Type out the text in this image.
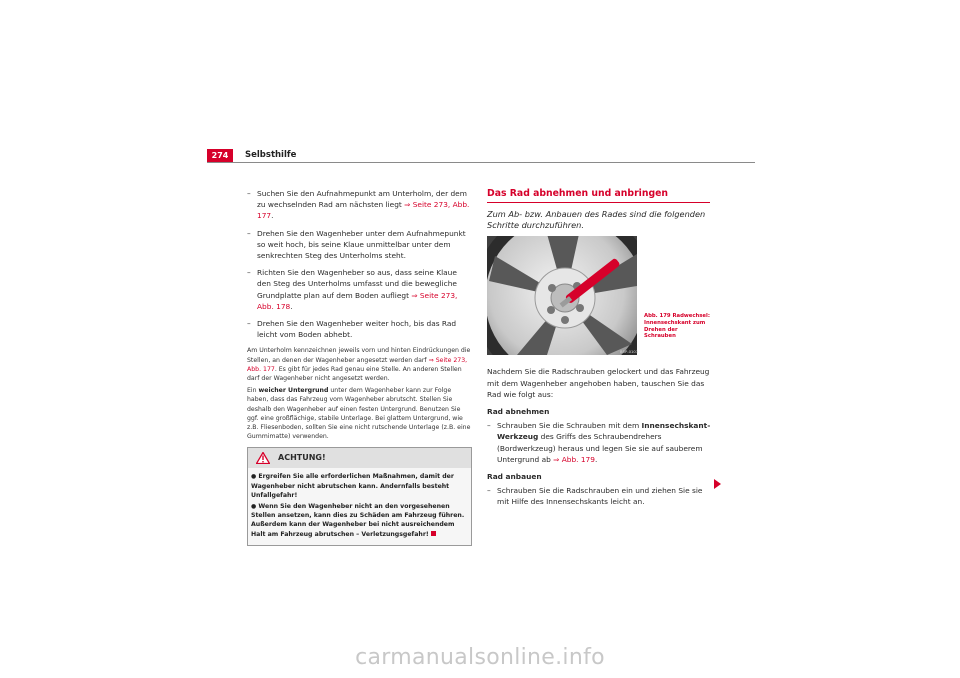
274	Selbsthilfe
– Suchen Sie den Aufnahmepunkt am Unterholm, der dem zu wechselnden Rad am nächsten liegt ⇒ Seite 273, Abb. 177.
– Drehen Sie den Wagenheber unter dem Aufnahmepunkt so weit hoch, bis seine Klaue unmittelbar unter dem senkrechten Steg des Unterholms steht.
– Richten Sie den Wagenheber so aus, dass seine Klaue den Steg des Unterholms umfasst und die bewegliche Grundplatte plan auf dem Boden aufliegt ⇒ Seite 273, Abb. 178.
– Drehen Sie den Wagenheber weiter hoch, bis das Rad leicht vom Boden abhebt.

Am Unterholm kennzeichnen jeweils vorn und hinten Eindrückungen die Stellen, an denen der Wagenheber angesetzt werden darf ⇒ Seite 273, Abb. 177. Es gibt für jedes Rad genau eine Stelle. An anderen Stellen darf der Wagenheber nicht angesetzt werden.

Ein weicher Untergrund unter dem Wagenheber kann zur Folge haben, dass das Fahrzeug vom Wagenheber abrutscht. Stellen Sie deshalb den Wagenheber auf einen festen Untergrund. Benutzen Sie ggf. eine großflächige, stabile Unterlage. Bei glattem Untergrund, wie z.B. Fliesenboden, sollten Sie eine nicht rutschende Unterlage (z.B. eine Gummimatte) verwenden.

ACHTUNG!

● Ergreifen Sie alle erforderlichen Maßnahmen, damit der Wagenheber nicht abrutschen kann. Andernfalls besteht Unfallgefahr!

● Wenn Sie den Wagenheber nicht an den vorgesehenen Stellen ansetzen, kann dies zu Schäden am Fahrzeug führen. Außerdem kann der Wagenheber bei nicht ausreichendem Halt am Fahrzeug abrutschen – Verletzungsgefahr!

Das Rad abnehmen und anbringen

Zum Ab- bzw. Anbauen des Rades sind die folgenden Schritte durchzuführen.

B5P-0103
Abb. 179 Radwechsel:
Innensechskant zum
Drehen der Schrauben

Nachdem Sie die Radschrauben gelockert und das Fahrzeug mit dem Wagenheber angehoben haben, tauschen Sie das Rad wie folgt aus:

Rad abnehmen

– Schrauben Sie die Schrauben mit dem Innensechskant-Werkzeug des Griffs des Schraubendrehers (Bordwerkzeug) heraus und legen Sie sie auf sauberem Untergrund ab ⇒ Abb. 179.

Rad anbauen

– Schrauben Sie die Radschrauben ein und ziehen Sie sie mit Hilfe des Innensechskants leicht an.
carmanualsonline.info
